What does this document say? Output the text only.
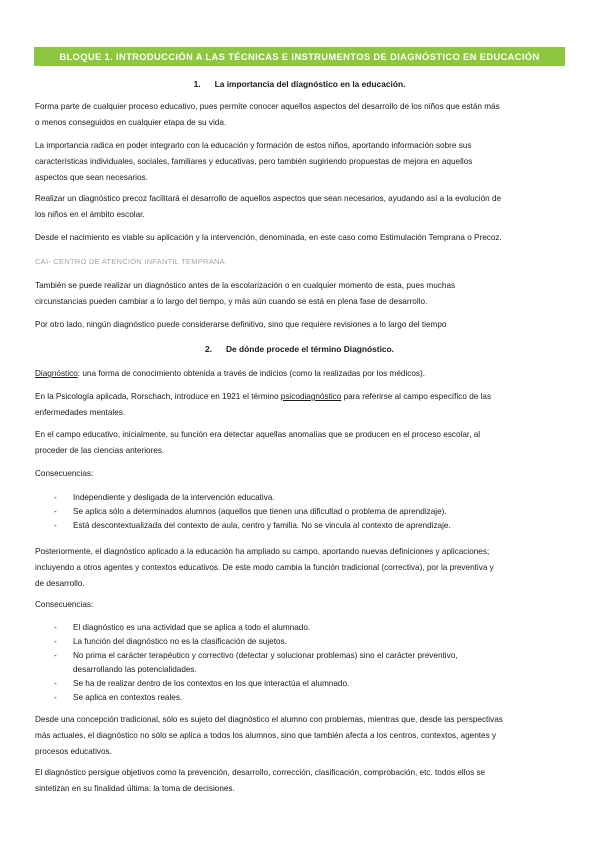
BLOQUE 1. INTRODUCCIÓN A LAS TÉCNICAS E INSTRUMENTOS DE DIAGNÓSTICO EN EDUCACIÓN
1. La importancia del diagnóstico en la educación.

Forma parte de cualquier proceso educativo, pues permite conocer aquellos aspectos del desarrollo de los niños que están más

o menos conseguidos en cualquier etapa de su vida.

La importancia radica en poder integrarlo con la educación y formación de estos niños, aportando información sobre sus

características individuales, sociales, familiares y educativas, pero también sugiriendo propuestas de mejora en aquellos

aspectos que sean necesarios.

Realizar un diagnóstico precoz facilitará el desarrollo de aquellos aspectos que sean necesarios, ayudando así a la evolución de

los niños en el ámbito escolar.

Desde el nacimiento es viable su aplicación y la intervención, denominada, en este caso como Estimulación Temprana o Precoz.

CAI- CENTRO DE ATENCIÓN INFANTIL TEMPRANA

También se puede realizar un diagnóstico antes de la escolarización o en cualquier momento de esta, pues muchas

circunstancias pueden cambiar a lo largo del tiempo, y más aún cuando se está en plena fase de desarrollo.

Por otro lado, ningún diagnóstico puede considerarse definitivo, sino que requiere revisiones a lo largo del tiempo

2. De dónde procede el término Diagnóstico.

Diagnóstico: una forma de conocimiento obtenida a través de indicios (como la realizadas por los médicos).

En la Psicología aplicada, Rorschach, introduce en 1921 el término psicodiagnóstico para referirse al campo específico de las

enfermedades mentales.

En el campo educativo, inicialmente, su función era detectar aquellas anomalías que se producen en el proceso escolar, al

proceder de las ciencias anteriores.

Consecuencias:

- Independiente y desligada de la intervención educativa.

- Se aplica sólo a determinados alumnos (aquellos que tienen una dificultad o problema de aprendizaje).

- Está descontextualizada del contexto de aula, centro y familia. No se vincula al contexto de aprendizaje.

Posteriormente, el diagnóstico aplicado a la educación ha ampliado su campo, aportando nuevas definiciones y aplicaciones;

incluyendo a otros agentes y contextos educativos. De este modo cambia la función tradicional (correctiva), por la preventiva y

de desarrollo.

Consecuencias:

- El diagnóstico es una actividad que se aplica a todo el alumnado.

- La función del diagnóstico no es la clasificación de sujetos.

- No prima el carácter terapéutico y correctivo (detectar y solucionar problemas) sino el carácter preventivo,

desarrollando las potencialidades.

- Se ha de realizar dentro de los contextos en los que interactúa el alumnado.

- Se aplica en contextos reales.

Desde una concepción tradicional, sólo es sujeto del diagnóstico el alumno con problemas, mientras que, desde las perspectivas

más actuales, el diagnóstico no sólo se aplica a todos los alumnos, sino que también afecta a los centros, contextos, agentes y

procesos educativos.

El diagnóstico persigue objetivos como la prevención, desarrollo, corrección, clasificación, comprobación, etc. todos ellos se

sintetizan en su finalidad última: la toma de decisiones.
